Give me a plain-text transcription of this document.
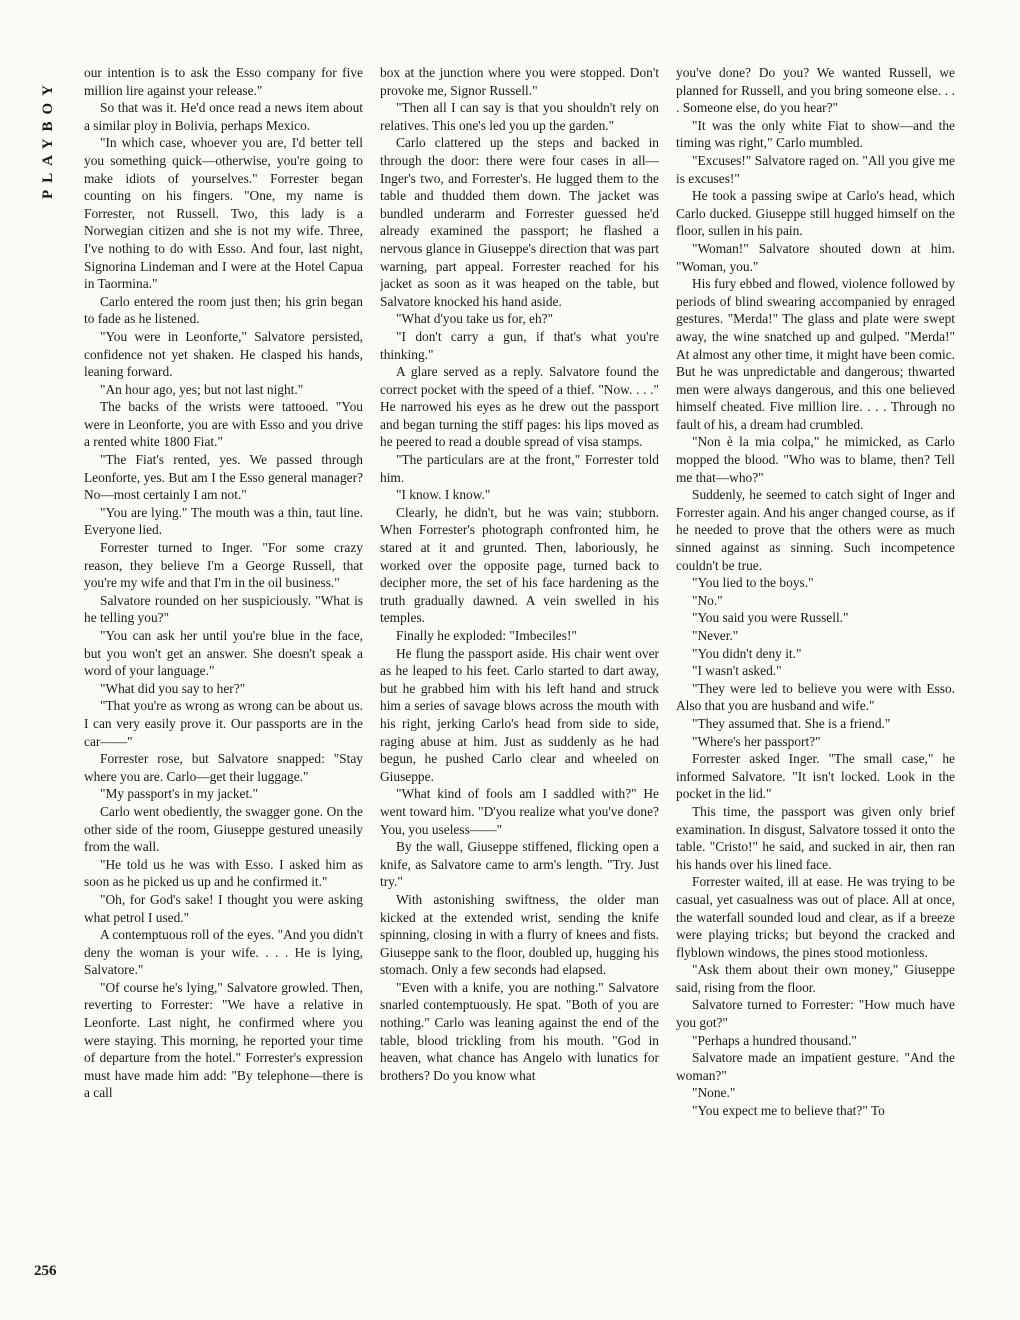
PLAYBOY

our intention is to ask the Esso company for five million lire against your release."

So that was it. He'd once read a news item about a similar ploy in Bolivia, perhaps Mexico.

"In which case, whoever you are, I'd better tell you something quick—otherwise, you're going to make idiots of yourselves." Forrester began counting on his fingers. "One, my name is Forrester, not Russell. Two, this lady is a Norwegian citizen and she is not my wife. Three, I've nothing to do with Esso. And four, last night, Signorina Lindeman and I were at the Hotel Capua in Taormina."

Carlo entered the room just then; his grin began to fade as he listened.

"You were in Leonforte," Salvatore persisted, confidence not yet shaken. He clasped his hands, leaning forward.

"An hour ago, yes; but not last night."

The backs of the wrists were tattooed. "You were in Leonforte, you are with Esso and you drive a rented white 1800 Fiat."

"The Fiat's rented, yes. We passed through Leonforte, yes. But am I the Esso general manager? No—most certainly I am not."

"You are lying." The mouth was a thin, taut line. Everyone lied.

Forrester turned to Inger. "For some crazy reason, they believe I'm a George Russell, that you're my wife and that I'm in the oil business."

Salvatore rounded on her suspiciously. "What is he telling you?"

"You can ask her until you're blue in the face, but you won't get an answer. She doesn't speak a word of your language."

"What did you say to her?"

"That you're as wrong as wrong can be about us. I can very easily prove it. Our passports are in the car——"

Forrester rose, but Salvatore snapped: "Stay where you are. Carlo—get their luggage."

"My passport's in my jacket."

Carlo went obediently, the swagger gone. On the other side of the room, Giuseppe gestured uneasily from the wall.

"He told us he was with Esso. I asked him as soon as he picked us up and he confirmed it."

"Oh, for God's sake! I thought you were asking what petrol I used."

A contemptuous roll of the eyes. "And you didn't deny the woman is your wife. . . . He is lying, Salvatore."

"Of course he's lying," Salvatore growled. Then, reverting to Forrester: "We have a relative in Leonforte. Last night, he confirmed where you were staying. This morning, he reported your time of departure from the hotel." Forrester's expression must have made him add: "By telephone—there is a call

box at the junction where you were stopped. Don't provoke me, Signor Russell."

"Then all I can say is that you shouldn't rely on relatives. This one's led you up the garden."

Carlo clattered up the steps and backed in through the door: there were four cases in all—Inger's two, and Forrester's. He lugged them to the table and thudded them down. The jacket was bundled underarm and Forrester guessed he'd already examined the passport; he flashed a nervous glance in Giuseppe's direction that was part warning, part appeal. Forrester reached for his jacket as soon as it was heaped on the table, but Salvatore knocked his hand aside.

"What d'you take us for, eh?"

"I don't carry a gun, if that's what you're thinking."

A glare served as a reply. Salvatore found the correct pocket with the speed of a thief. "Now. . . ." He narrowed his eyes as he drew out the passport and began turning the stiff pages: his lips moved as he peered to read a double spread of visa stamps.

"The particulars are at the front," Forrester told him.

"I know. I know."

Clearly, he didn't, but he was vain; stubborn. When Forrester's photograph confronted him, he stared at it and grunted. Then, laboriously, he worked over the opposite page, turned back to decipher more, the set of his face hardening as the truth gradually dawned. A vein swelled in his temples.

Finally he exploded: "Imbeciles!"

He flung the passport aside. His chair went over as he leaped to his feet. Carlo started to dart away, but he grabbed him with his left hand and struck him a series of savage blows across the mouth with his right, jerking Carlo's head from side to side, raging abuse at him. Just as suddenly as he had begun, he pushed Carlo clear and wheeled on Giuseppe.

"What kind of fools am I saddled with?" He went toward him. "D'you realize what you've done? You, you useless——"

By the wall, Giuseppe stiffened, flicking open a knife, as Salvatore came to arm's length. "Try. Just try."

With astonishing swiftness, the older man kicked at the extended wrist, sending the knife spinning, closing in with a flurry of knees and fists. Giuseppe sank to the floor, doubled up, hugging his stomach. Only a few seconds had elapsed.

"Even with a knife, you are nothing." Salvatore snarled contemptuously. He spat. "Both of you are nothing." Carlo was leaning against the end of the table, blood trickling from his mouth. "God in heaven, what chance has Angelo with lunatics for brothers? Do you know what

you've done? Do you? We wanted Russell, we planned for Russell, and you bring someone else. . . . Someone else, do you hear?"

"It was the only white Fiat to show—and the timing was right," Carlo mumbled.

"Excuses!" Salvatore raged on. "All you give me is excuses!"

He took a passing swipe at Carlo's head, which Carlo ducked. Giuseppe still hugged himself on the floor, sullen in his pain.

"Woman!" Salvatore shouted down at him. "Woman, you."

His fury ebbed and flowed, violence followed by periods of blind swearing accompanied by enraged gestures. "Merda!" The glass and plate were swept away, the wine snatched up and gulped. "Merda!" At almost any other time, it might have been comic. But he was unpredictable and dangerous; thwarted men were always dangerous, and this one believed himself cheated. Five million lire. . . . Through no fault of his, a dream had crumbled.

"Non è la mia colpa," he mimicked, as Carlo mopped the blood. "Who was to blame, then? Tell me that—who?"

Suddenly, he seemed to catch sight of Inger and Forrester again. And his anger changed course, as if he needed to prove that the others were as much sinned against as sinning. Such incompetence couldn't be true.

"You lied to the boys."

"No."

"You said you were Russell."

"Never."

"You didn't deny it."

"I wasn't asked."

"They were led to believe you were with Esso. Also that you are husband and wife."

"They assumed that. She is a friend."

"Where's her passport?"

Forrester asked Inger. "The small case," he informed Salvatore. "It isn't locked. Look in the pocket in the lid."

This time, the passport was given only brief examination. In disgust, Salvatore tossed it onto the table. "Cristo!" he said, and sucked in air, then ran his hands over his lined face.

Forrester waited, ill at ease. He was trying to be casual, yet casualness was out of place. All at once, the waterfall sounded loud and clear, as if a breeze were playing tricks; but beyond the cracked and flyblown windows, the pines stood motionless.

"Ask them about their own money," Giuseppe said, rising from the floor.

Salvatore turned to Forrester: "How much have you got?"

"Perhaps a hundred thousand."

Salvatore made an impatient gesture. "And the woman?"

"None."

"You expect me to believe that?" To

256
